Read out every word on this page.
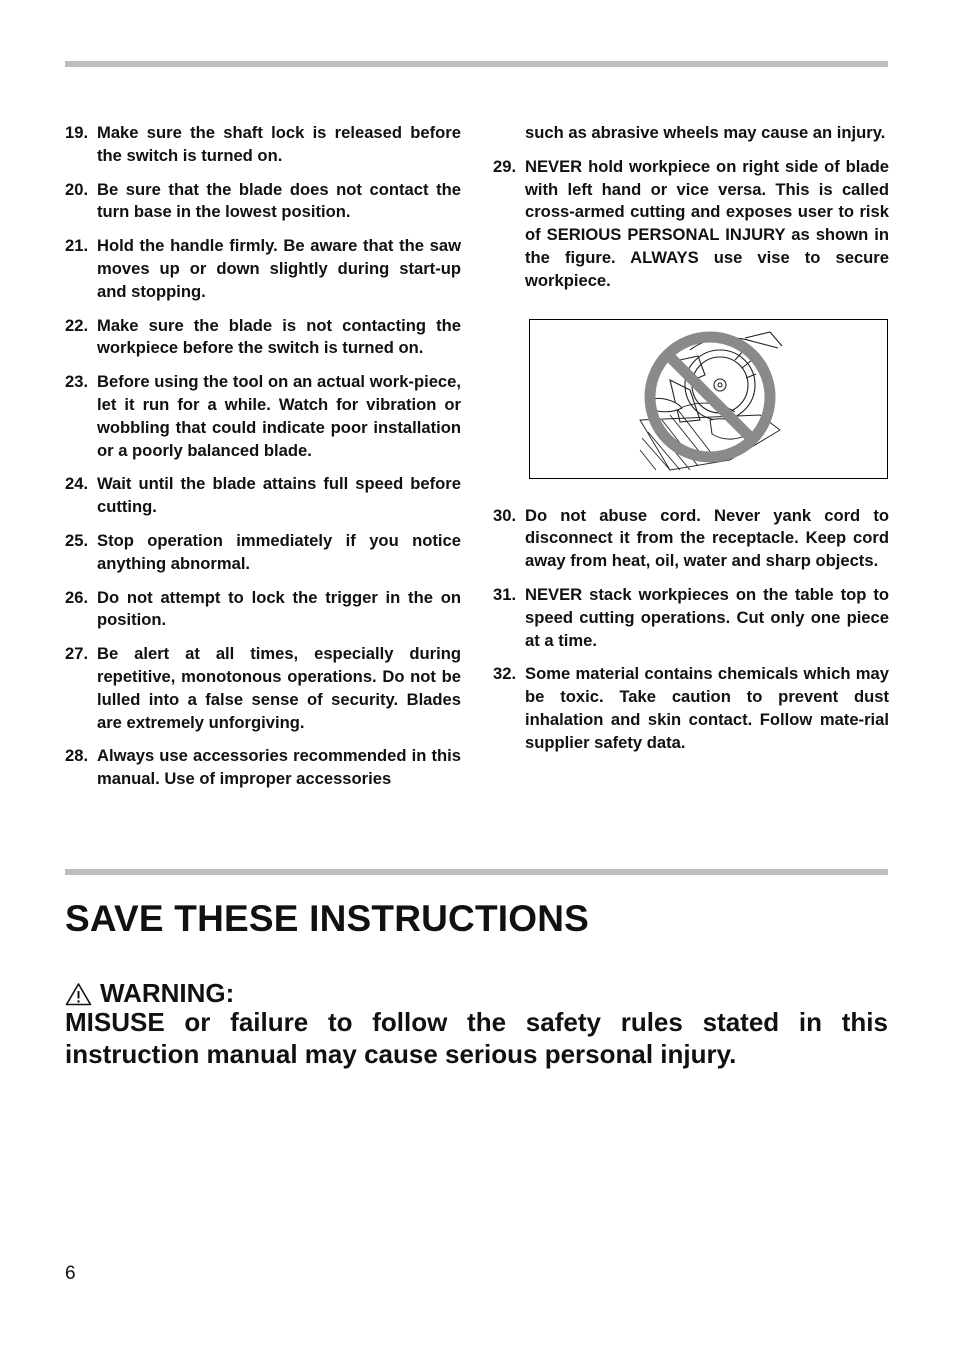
19. Make sure the shaft lock is released before the switch is turned on.
20. Be sure that the blade does not contact the turn base in the lowest position.
21. Hold the handle firmly. Be aware that the saw moves up or down slightly during start-up and stopping.
22. Make sure the blade is not contacting the workpiece before the switch is turned on.
23. Before using the tool on an actual work-piece, let it run for a while. Watch for vibration or wobbling that could indicate poor installation or a poorly balanced blade.
24. Wait until the blade attains full speed before cutting.
25. Stop operation immediately if you notice anything abnormal.
26. Do not attempt to lock the trigger in the on position.
27. Be alert at all times, especially during repetitive, monotonous operations. Do not be lulled into a false sense of security. Blades are extremely unforgiving.
28. Always use accessories recommended in this manual. Use of improper accessories
such as abrasive wheels may cause an injury.
29. NEVER hold workpiece on right side of blade with left hand or vice versa. This is called cross-armed cutting and exposes user to risk of SERIOUS PERSONAL INJURY as shown in the figure. ALWAYS use vise to secure workpiece.
30. Do not abuse cord. Never yank cord to disconnect it from the receptacle. Keep cord away from heat, oil, water and sharp objects.
31. NEVER stack workpieces on the table top to speed cutting operations. Cut only one piece at a time.
32. Some material contains chemicals which may be toxic. Take caution to prevent dust inhalation and skin contact. Follow mate-rial supplier safety data.
SAVE THESE INSTRUCTIONS
WARNING:
MISUSE or failure to follow the safety rules stated in this instruction manual may cause serious personal injury.
6
